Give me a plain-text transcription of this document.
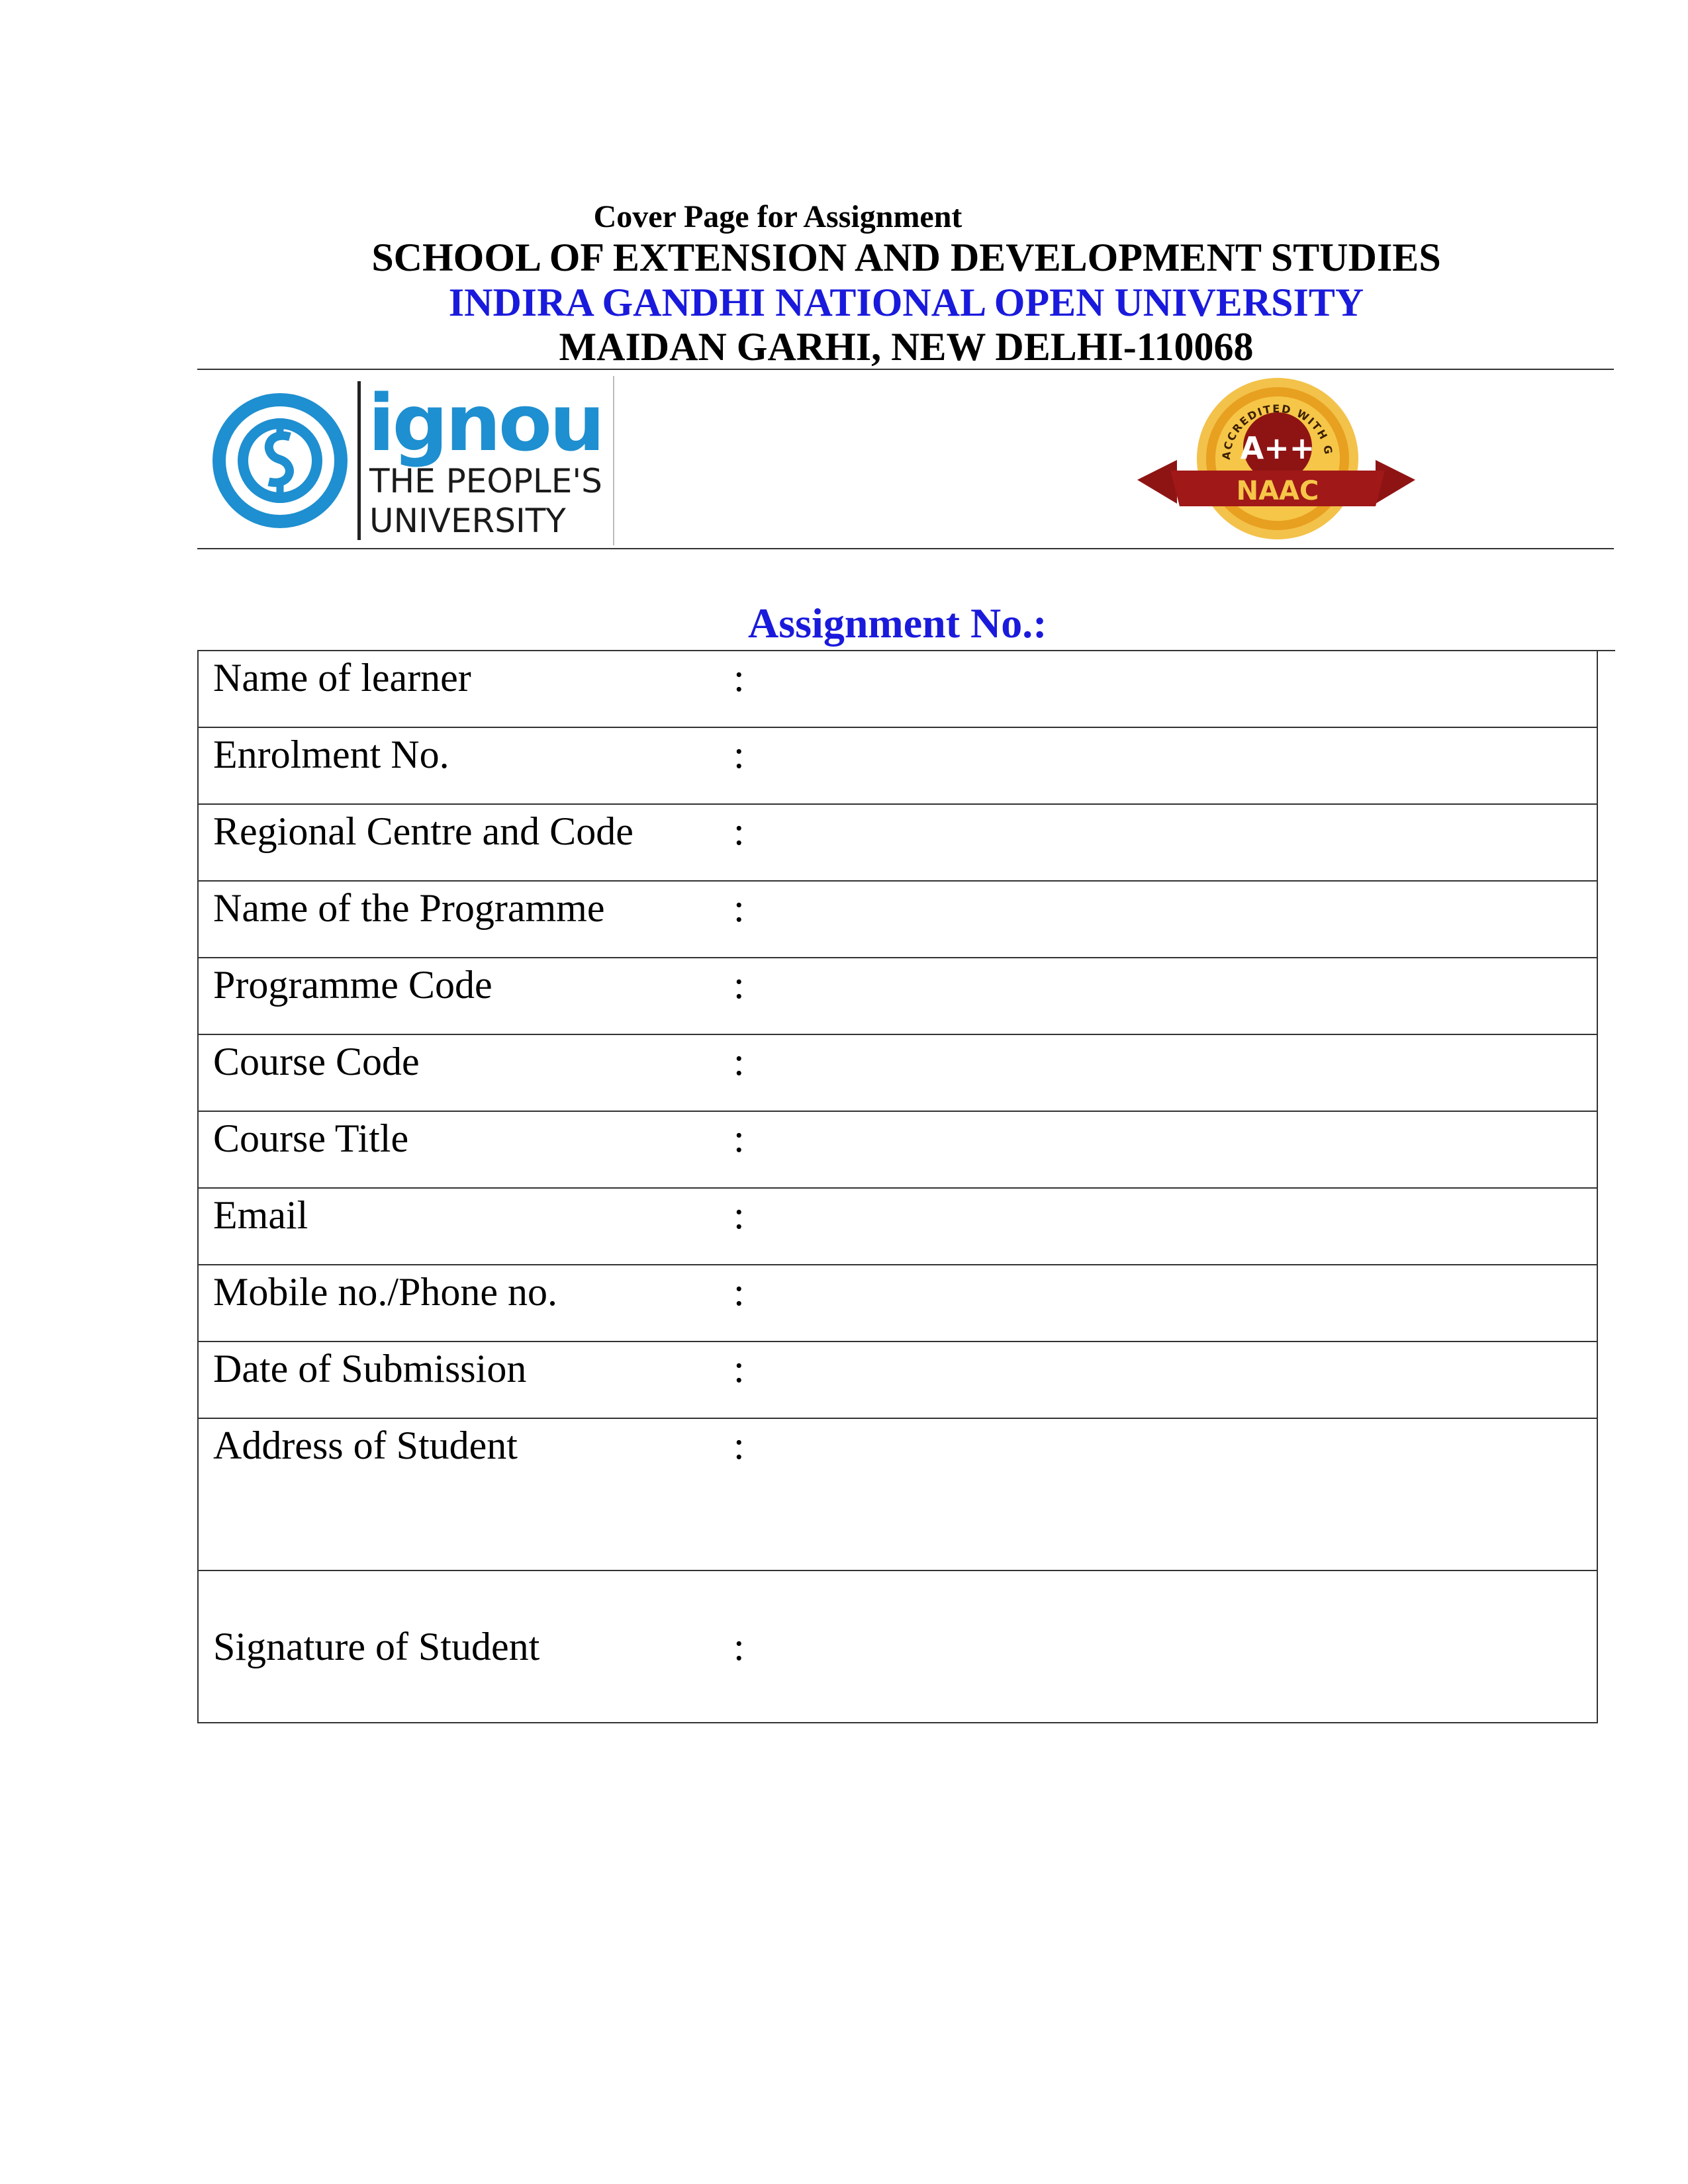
Cover Page for Assignment
SCHOOL OF EXTENSION AND DEVELOPMENT STUDIES
INDIRA GANDHI NATIONAL OPEN UNIVERSITY
MAIDAN GARHI, NEW DELHI-110068
ignou
THE PEOPLE'S
UNIVERSITY
ACCREDITED WITH G
A++
NAAC
Assignment No.:
Name of learner	:	
Enrolment No.	:	
Regional Centre and Code	:	
Name of the Programme	:	
Programme Code	:	
Course Code	:	
Course Title	:	
Email	:	
Mobile no./Phone no.	:	
Date of Submission	:	
Address of Student	:	
Signature of Student	:	
